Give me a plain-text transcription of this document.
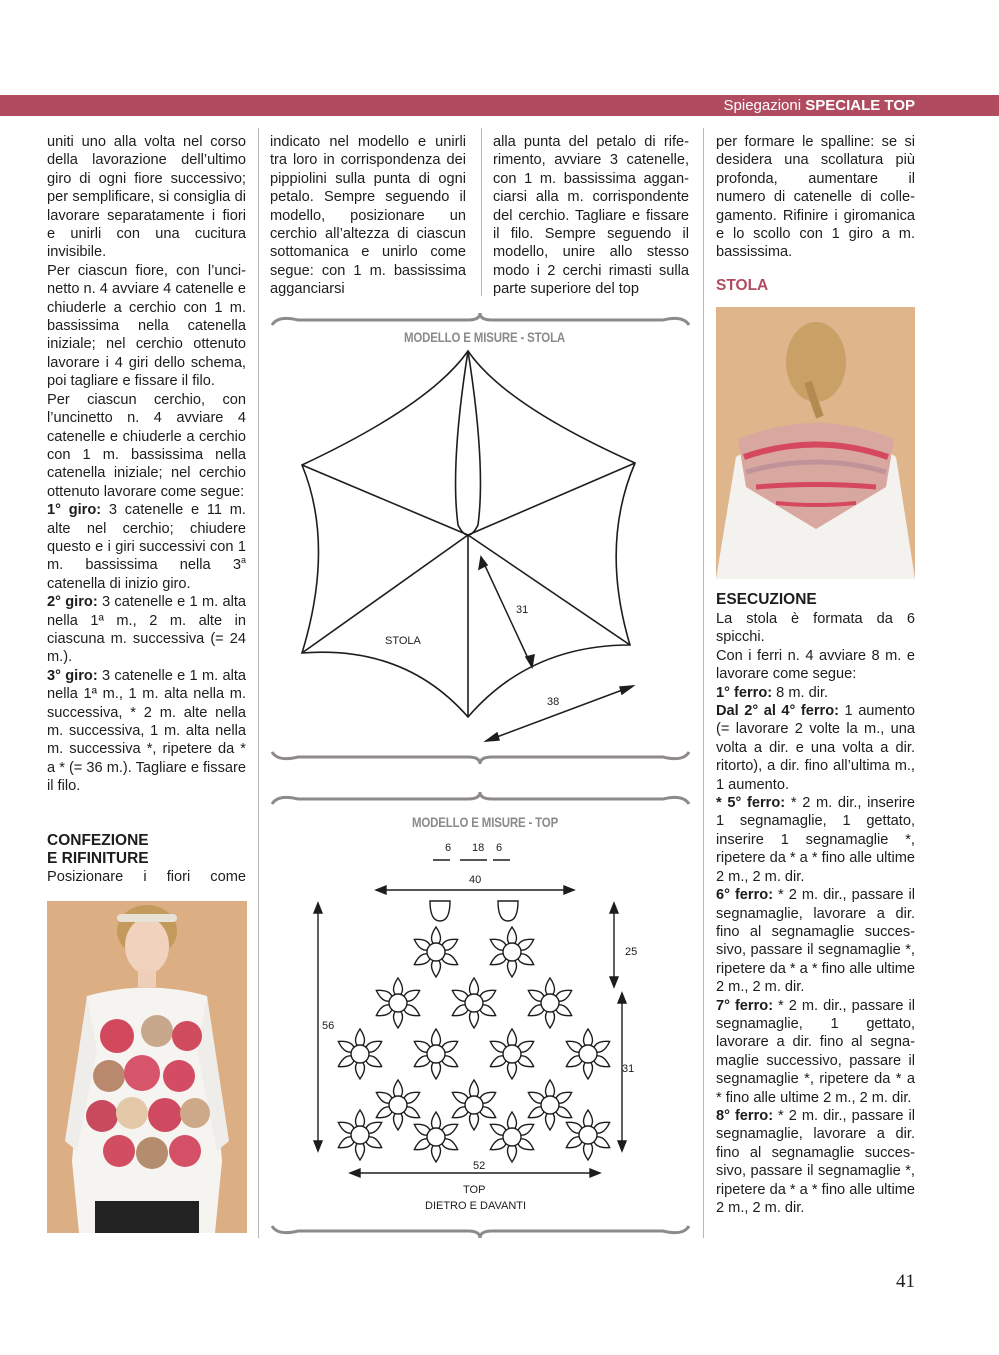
Spiegazioni SPECIALE TOP

uniti uno alla volta nel corso della lavorazione dell’ultimo giro di ogni fiore successivo; per semplificare, si consiglia di lavorare separatamente i fiori e unirli con una cucitura invisibile.

Per ciascun fiore, con l’uncinetto n. 4 avviare 4 catenelle e chiuderle a cerchio con 1 m. bassissima nella catenella iniziale; nel cerchio ottenuto lavorare i 4 giri dello schema, poi tagliare e fissare il filo.

Per ciascun cerchio, con l’uncinetto n. 4 avviare 4 catenelle e chiuderle a cerchio con 1 m. bassissima nella catenella iniziale; nel cerchio ottenuto lavorare come segue:

1° giro: 3 catenelle e 11 m. alte nel cerchio; chiudere questo e i giri successivi con 1 m. bassissima nella 3$^a$ catenella di inizio giro.

2° giro: 3 catenelle e 1 m. alta nella 1ª m., 2 m. alte in ciascuna m. successiva (= 24 m.).

3° giro: 3 catenelle e 1 m. alta nella 1ª m., 1 m. alta nella m. successiva, * 2 m. alte nella m. successiva, 1 m. alta nella m. successiva *, ripetere da * a * (= 36 m.). Tagliare e fissare il filo.

CONFEZIONE
E RIFINITURE

Posizionare i fiori come

indicato nel modello e unirli tra loro in corrispondenza dei pippiolini sulla punta di ogni petalo. Sempre seguendo il modello, posizionare un cerchio all’altezza di ciascun sottomanica e unirlo come segue: con 1 m. bassissima agganciarsi

alla punta del petalo di riferimento, avviare 3 catenelle, con 1 m. bassissima agganciarsi alla m. corrispondente del cerchio. Tagliare e fissare il filo. Sempre seguendo il modello, unire allo stesso modo i 2 cerchi rimasti sulla parte superiore del top

MODELLO E MISURE - STOLA
31
38
STOLA
MODELLO E MISURE - TOP
6 18 6
40
25
56
31
52
TOP
DIETRO E DAVANTI

per formare le spalline: se si desidera una scollatura più profonda, aumentare il numero di catenelle di collegamento. Rifinire i giromanica e lo scollo con 1 giro a m. bassissima.

STOLA
ESECUZIONE

La stola è formata da 6 spicchi.

Con i ferri n. 4 avviare 8 m. e lavorare come segue:

1° ferro: 8 m. dir.

Dal 2° al 4° ferro: 1 aumento (= lavorare 2 volte la m., una volta a dir. e una volta a dir. ritorto), a dir. fino all’ultima m., 1 aumento.

* 5° ferro: * 2 m. dir., inserire 1 segnamaglie, 1 gettato, inserire 1 segnamaglie *, ripetere da * a * fino alle ultime 2 m., 2 m. dir.

6° ferro: * 2 m. dir., passare il segnamaglie, lavorare a dir. fino al segnamaglie successivo, passare il segnamaglie *, ripetere da * a * fino alle ultime 2 m., 2 m. dir.

7° ferro: * 2 m. dir., passare il segnamaglie, 1 gettato, lavorare a dir. fino al segnamaglie successivo, passare il segnamaglie *, ripetere da * a * fino alle ultime 2 m., 2 m. dir.

8° ferro: * 2 m. dir., passare il segnamaglie, lavorare a dir. fino al segnamaglie successivo, passare il segnamaglie *, ripetere da * a * fino alle ultime 2 m., 2 m. dir.

41
